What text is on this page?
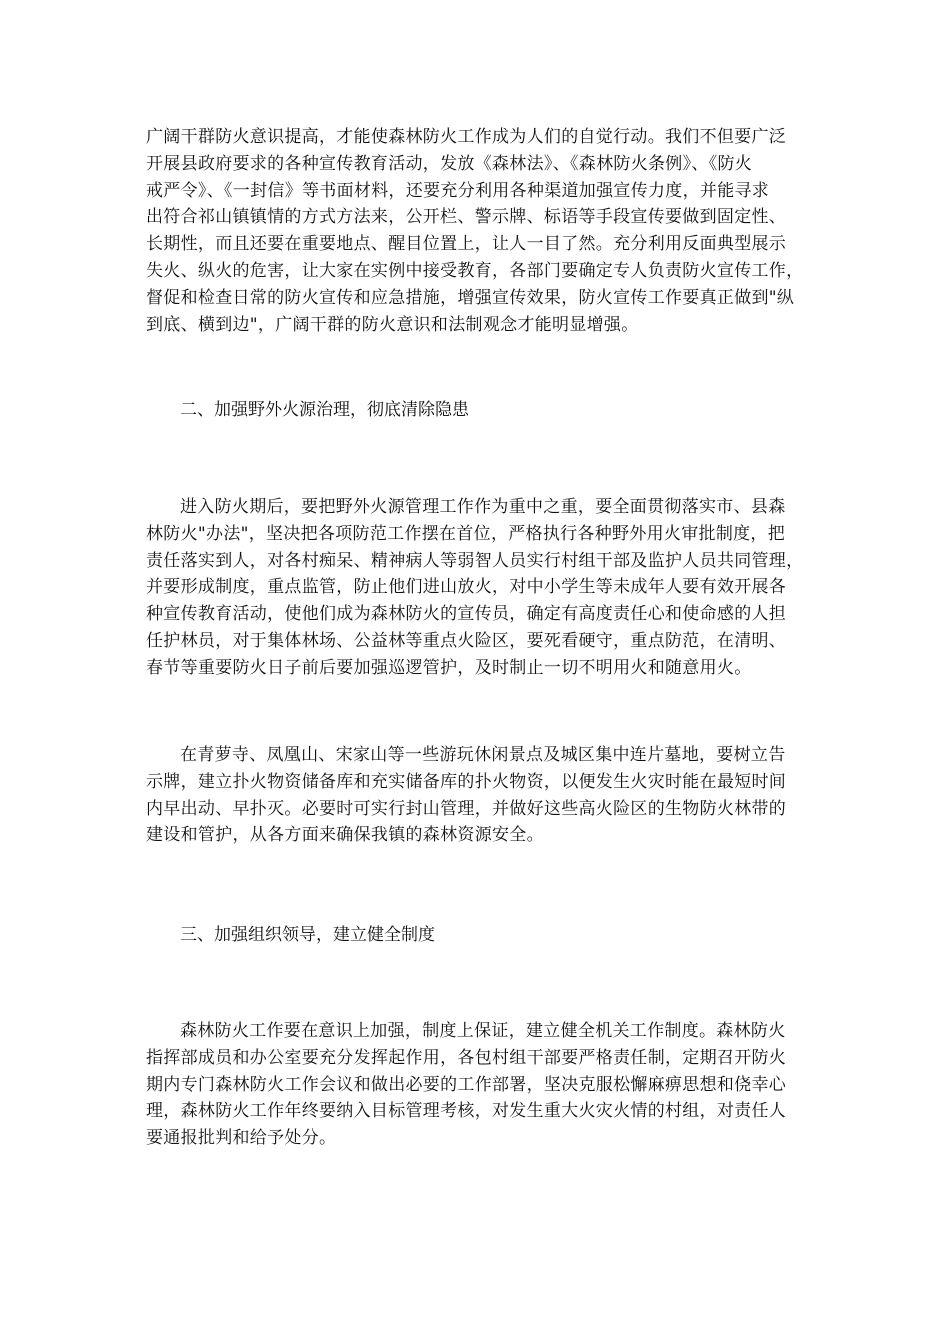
广阔干群防火意识提高，才能使森林防火工作成为人们的自觉行动。我们不但要广泛
开展县政府要求的各种宣传教育活动，发放《森林法》、《森林防火条例》、《防火
戒严令》、《一封信》等书面材料，还要充分利用各种渠道加强宣传力度，并能寻求
出符合祁山镇镇情的方式方法来，公开栏、警示牌、标语等手段宣传要做到固定性、
长期性，而且还要在重要地点、醒目位置上，让人一目了然。充分利用反面典型展示
失火、纵火的危害，让大家在实例中接受教育，各部门要确定专人负责防火宣传工作，
督促和检查日常的防火宣传和应急措施，增强宣传效果，防火宣传工作要真正做到"纵
到底、横到边"，广阔干群的防火意识和法制观念才能明显增强。
二、加强野外火源治理，彻底清除隐患
进入防火期后，要把野外火源管理工作作为重中之重，要全面贯彻落实市、县森
林防火"办法"，坚决把各项防范工作摆在首位，严格执行各种野外用火审批制度，把
责任落实到人，对各村痴呆、精神病人等弱智人员实行村组干部及监护人员共同管理，
并要形成制度，重点监管，防止他们进山放火，对中小学生等未成年人要有效开展各
种宣传教育活动，使他们成为森林防火的宣传员，确定有高度责任心和使命感的人担
任护林员，对于集体林场、公益林等重点火险区，要死看硬守，重点防范，在清明、
春节等重要防火日子前后要加强巡逻管护，及时制止一切不明用火和随意用火。
在青萝寺、凤凰山、宋家山等一些游玩休闲景点及城区集中连片墓地，要树立告
示牌，建立扑火物资储备库和充实储备库的扑火物资，以便发生火灾时能在最短时间
内早出动、早扑灭。必要时可实行封山管理，并做好这些高火险区的生物防火林带的
建设和管护，从各方面来确保我镇的森林资源安全。
三、加强组织领导，建立健全制度
森林防火工作要在意识上加强，制度上保证，建立健全机关工作制度。森林防火
指挥部成员和办公室要充分发挥起作用，各包村组干部要严格责任制，定期召开防火
期内专门森林防火工作会议和做出必要的工作部署，坚决克服松懈麻痹思想和侥幸心
理，森林防火工作年终要纳入目标管理考核，对发生重大火灾火情的村组，对责任人
要通报批判和给予处分。
